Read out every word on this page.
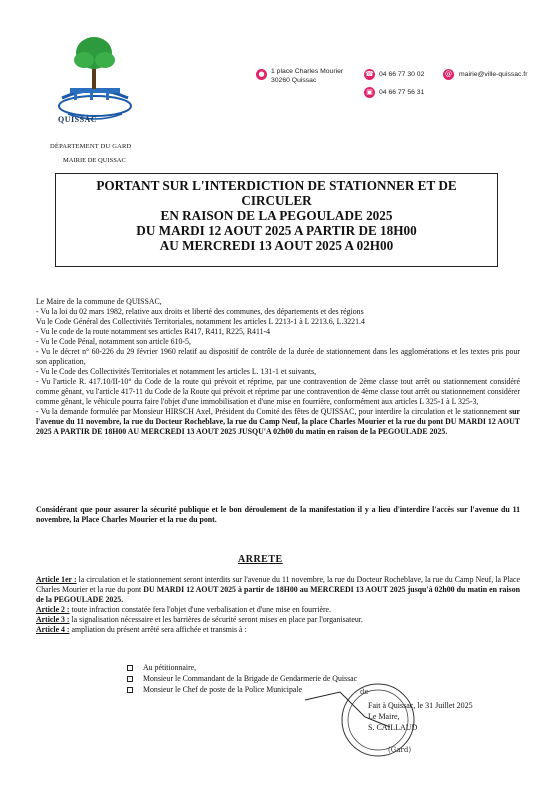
QUISSAC
● 1 place Charles Mourier
30260 Quissac
☎ 04 66 77 30 02
▣ 04 66 77 56 31
@ mairie@ville-quissac.fr
DÉPARTEMENT DU GARD
MAIRIE DE QUISSAC
PORTANT SUR L'INTERDICTION DE STATIONNER ET DE
CIRCULER
EN RAISON DE LA PEGOULADE 2025
DU MARDI 12 AOUT 2025 A PARTIR DE 18H00
AU MERCREDI 13 AOUT 2025 A 02H00

Le Maire de la commune de QUISSAC,

- Vu la loi du 02 mars 1982, relative aux droits et liberté des communes, des départements et des régions

Vu le Code Général des Collectivités Territoriales, notamment les articles L 2213-1 à L 2213.6, L.3221.4

- Vu le code de la route notamment ses articles R417, R411, R225, R411-4

- Vu le Code Pénal, notamment son article 610-5,

- Vu le décret n° 60-226 du 29 février 1960 relatif au dispositif de contrôle de la durée de stationnement dans les agglomérations et les textes pris pour son application,

- Vu le Code des Collectivités Territoriales et notamment les articles L. 131-1 et suivants,

- Vu l'article R. 417.10/II-10° du Code de la route qui prévoit et réprime, par une contravention de 2ème classe tout arrêt ou stationnement considéré comme gênant, vu l'article 417-11 du Code de la Route qui prévoit et réprime par une contravention de 4ème classe tout arrêt ou stationnement considérer comme gênant, le véhicule pourra faire l'objet d'une immobilisation et d'une mise en fourrière, conformément aux articles L 325-1 à L 325-3,

- Vu la demande formulée par Monsieur HIRSCH Axel, Président du Comité des fêtes de QUISSAC, pour interdire la circulation et le stationnement sur l'avenue du 11 novembre, la rue du Docteur Rocheblave, la rue du Camp Neuf, la place Charles Mourier et la rue du pont DU MARDI 12 AOUT 2025 A PARTIR DE 18H00 AU MERCREDI 13 AOUT 2025 JUSQU'A 02h00 du matin en raison de la PEGOULADE 2025.

Considérant que pour assurer la sécurité publique et le bon déroulement de la manifestation il y a lieu d'interdire l'accès sur l'avenue du 11 novembre, la Place Charles Mourier et la rue du pont.
ARRETE

Article 1er : la circulation et le stationnement seront interdits sur l'avenue du 11 novembre, la rue du Docteur Rocheblave, la rue du Camp Neuf, la Place Charles Mourier et la rue du pont DU MARDI 12 AOUT 2025 à partir de 18H00 au MERCREDI 13 AOUT 2025 jusqu'à 02h00 du matin en raison de la PEGOULADE 2025.

Article 2 : toute infraction constatée fera l'objet d'une verbalisation et d'une mise en fourrière.

Article 3 : la signalisation nécessaire et les barrières de sécurité seront mises en place par l'organisateur.

Article 4 : ampliation du présent arrêté sera affichée et transmis à :

Au pétitionnaire,
Monsieur le Commandant de la Brigade de Gendarmerie de Quissac
Monsieur le Chef de poste de la Police Municipale	de
(Gard)
Fait à Quissac, le 31 Juillet 2025
Le Maire,
S. CAILLAUD
